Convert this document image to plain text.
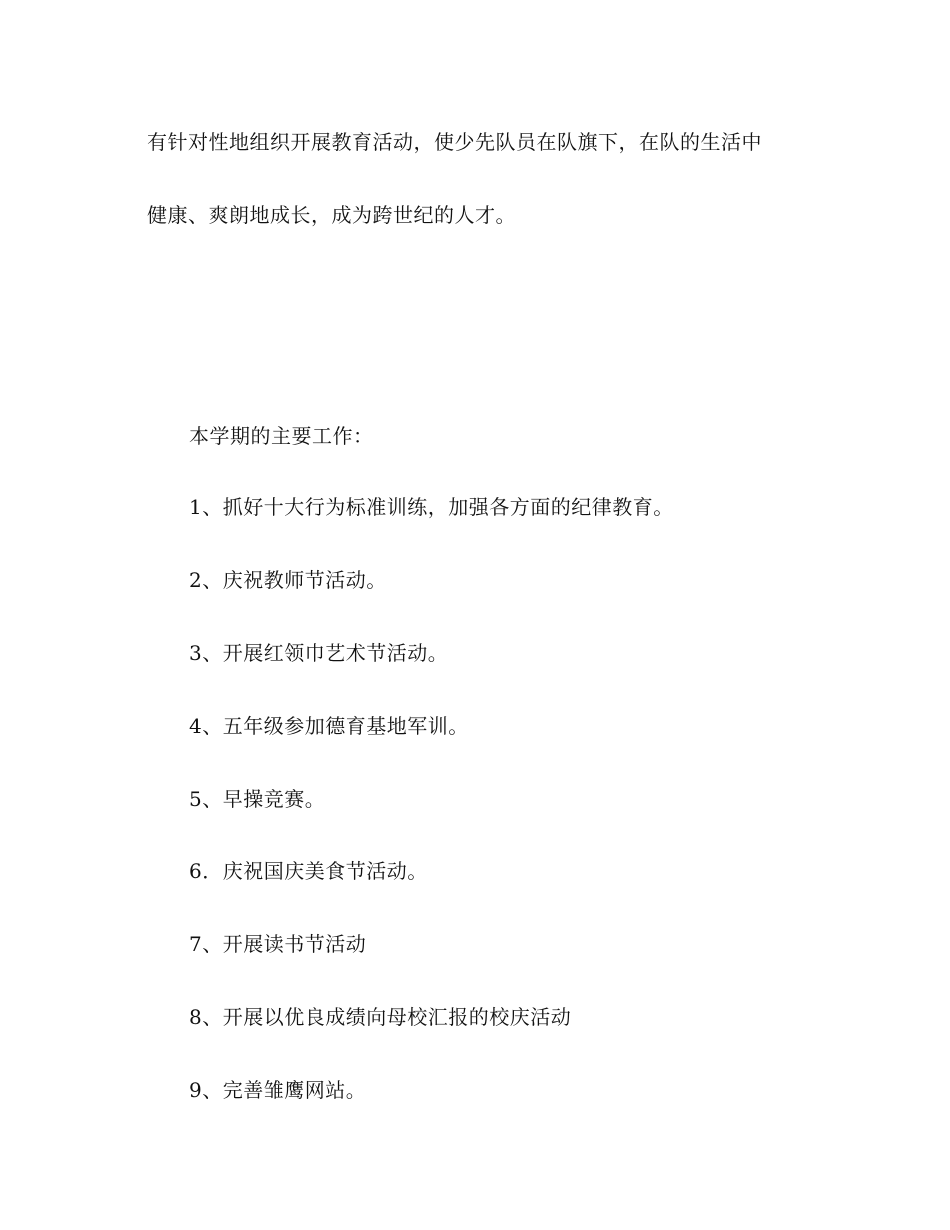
有针对性地组织开展教育活动，使少先队员在队旗下，在队的生活中
健康、爽朗地成长，成为跨世纪的人才。
本学期的主要工作：
1、抓好十大行为标准训练，加强各方面的纪律教育。
2、庆祝教师节活动。
3、开展红领巾艺术节活动。
4、五年级参加德育基地军训。
5、早操竞赛。
6．庆祝国庆美食节活动。
7、开展读书节活动
8、开展以优良成绩向母校汇报的校庆活动
9、完善雏鹰网站。
